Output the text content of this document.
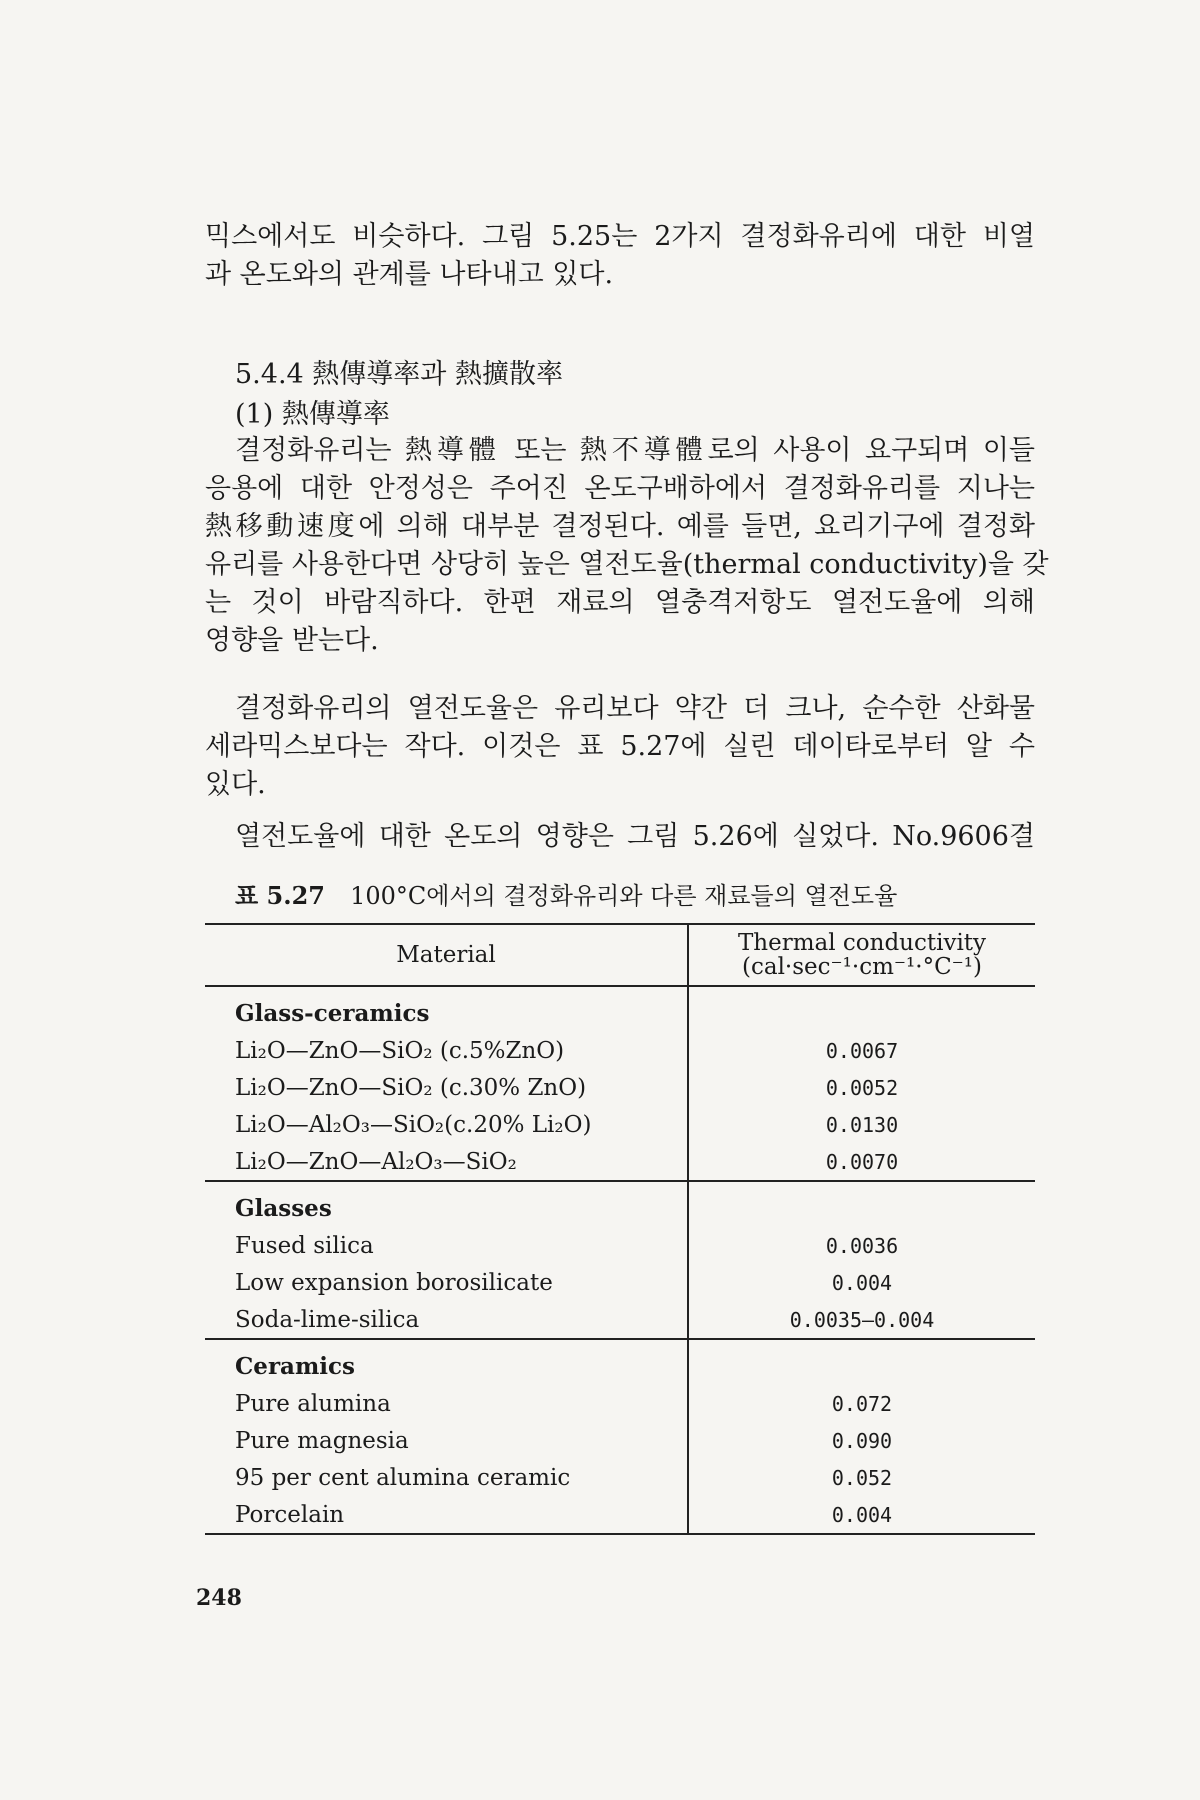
믹스에서도 비슷하다. 그림 5.25는 2가지 결정화유리에 대한 비열
과 온도와의 관계를 나타내고 있다.
5.4.4 熱傳導率과 熱擴散率
(1) 熱傳導率
결정화유리는 熱導體 또는 熱不導體로의 사용이 요구되며 이들
응용에 대한 안정성은 주어진 온도구배하에서 결정화유리를 지나는
熱移動速度에 의해 대부분 결정된다. 예를 들면, 요리기구에 결정화
유리를 사용한다면 상당히 높은 열전도율(thermal conductivity)을 갖
는 것이 바람직하다. 한편 재료의 열충격저항도 열전도율에 의해
영향을 받는다.
결정화유리의 열전도율은 유리보다 약간 더 크나, 순수한 산화물
세라믹스보다는 작다. 이것은 표 5.27에 실린 데이타로부터 알 수
있다.
열전도율에 대한 온도의 영향은 그림 5.26에 실었다. No.9606결
표 5.27 100°C에서의 결정화유리와 다른 재료들의 열전도율
Material	Thermal conductivity
(cal·sec⁻¹·cm⁻¹·°C⁻¹)

Glass-ceramics	
Li₂O—ZnO—SiO₂ (c.5%ZnO)	0.0067
Li₂O—ZnO—SiO₂ (c.30% ZnO)	0.0052
Li₂O—Al₂O₃—SiO₂(c.20% Li₂O)	0.0130
Li₂O—ZnO—Al₂O₃—SiO₂	0.0070
Glasses	
Fused silica	0.0036
Low expansion borosilicate	0.004
Soda-lime-silica	0.0035—0.004
Ceramics	
Pure alumina	0.072
Pure magnesia	0.090
95 per cent alumina ceramic	0.052
Porcelain	0.004
248
